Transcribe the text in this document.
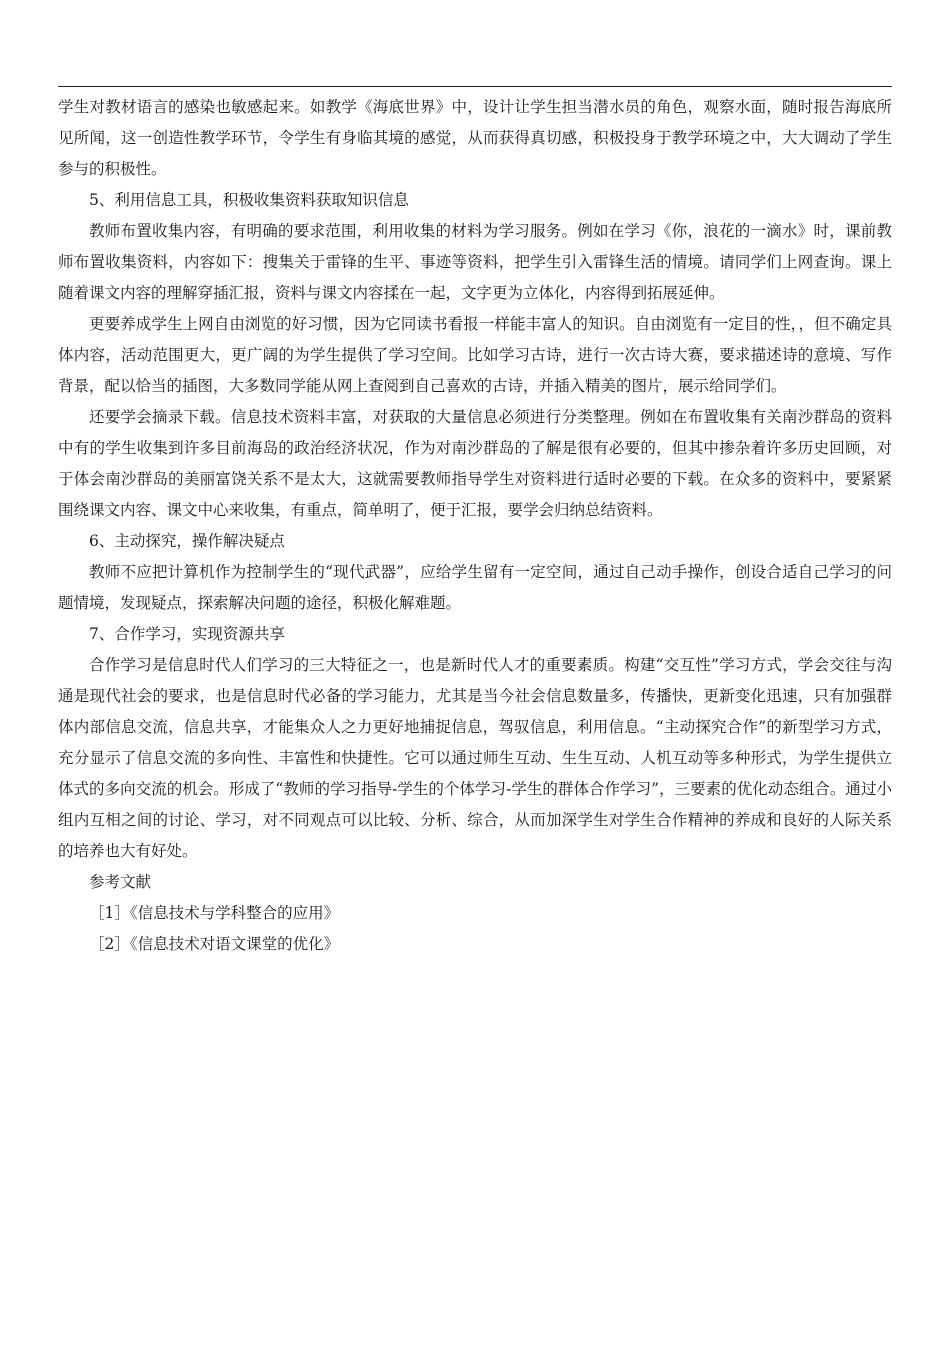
学生对教材语言的感染也敏感起来。如教学《海底世界》中，设计让学生担当潜水员的角色，观察水面，随时报告海底所见所闻，这一创造性教学环节，令学生有身临其境的感觉，从而获得真切感，积极投身于教学环境之中，大大调动了学生参与的积极性。

5、利用信息工具，积极收集资料获取知识信息

教师布置收集内容，有明确的要求范围，利用收集的材料为学习服务。例如在学习《你，浪花的一滴水》时，课前教师布置收集资料，内容如下：搜集关于雷锋的生平、事迹等资料，把学生引入雷锋生活的情境。请同学们上网查询。课上随着课文内容的理解穿插汇报，资料与课文内容揉在一起，文字更为立体化，内容得到拓展延伸。

更要养成学生上网自由浏览的好习惯，因为它同读书看报一样能丰富人的知识。自由浏览有一定目的性，，但不确定具体内容，活动范围更大，更广阔的为学生提供了学习空间。比如学习古诗，进行一次古诗大赛，要求描述诗的意境、写作背景，配以恰当的插图，大多数同学能从网上查阅到自己喜欢的古诗，并插入精美的图片，展示给同学们。

还要学会摘录下载。信息技术资料丰富，对获取的大量信息必须进行分类整理。例如在布置收集有关南沙群岛的资料中有的学生收集到许多目前海岛的政治经济状况，作为对南沙群岛的了解是很有必要的，但其中掺杂着许多历史回顾，对于体会南沙群岛的美丽富饶关系不是太大，这就需要教师指导学生对资料进行适时必要的下载。在众多的资料中，要紧紧围绕课文内容、课文中心来收集，有重点，简单明了，便于汇报，要学会归纳总结资料。

6、主动探究，操作解决疑点

教师不应把计算机作为控制学生的“现代武器”，应给学生留有一定空间，通过自己动手操作，创设合适自己学习的问题情境，发现疑点，探索解决问题的途径，积极化解难题。

7、合作学习，实现资源共享

合作学习是信息时代人们学习的三大特征之一，也是新时代人才的重要素质。构建“交互性”学习方式，学会交往与沟通是现代社会的要求，也是信息时代必备的学习能力，尤其是当今社会信息数量多，传播快，更新变化迅速，只有加强群体内部信息交流，信息共享，才能集众人之力更好地捕捉信息，驾驭信息，利用信息。“主动探究合作”的新型学习方式，充分显示了信息交流的多向性、丰富性和快捷性。它可以通过师生互动、生生互动、人机互动等多种形式，为学生提供立体式的多向交流的机会。形成了“教师的学习指导-学生的个体学习-学生的群体合作学习”，三要素的优化动态组合。通过小组内互相之间的讨论、学习，对不同观点可以比较、分析、综合，从而加深学生对学生合作精神的养成和良好的人际关系的培养也大有好处。

参考文献

［1］《信息技术与学科整合的应用》

［2］《信息技术对语文课堂的优化》
